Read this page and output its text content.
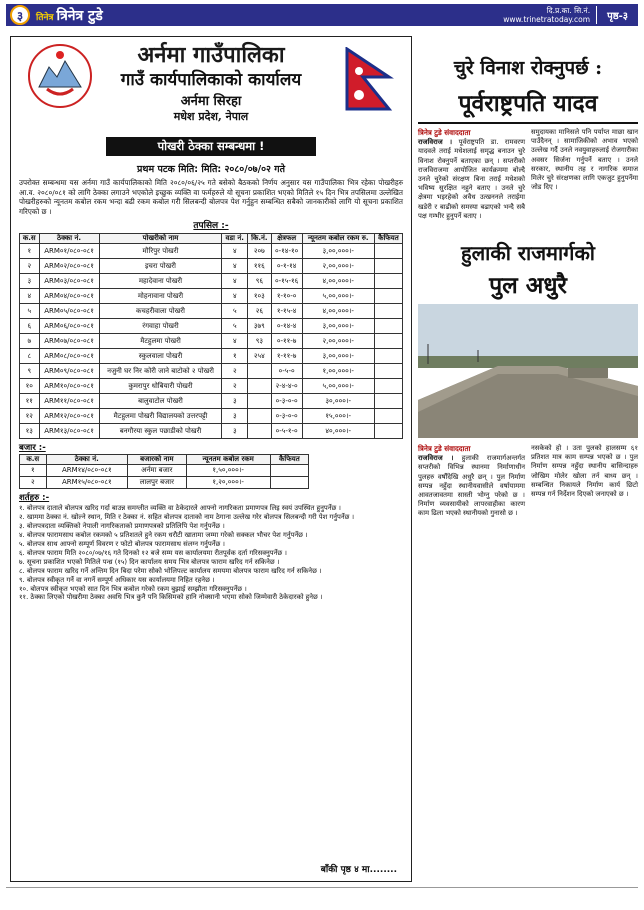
३	तिनेत्र त्रिनेत्र टुडे	दि.प्र.का. सि.नं.
www.trinetratoday.com	पृष्ठ-३
अर्नमा गाउँपालिका
गाउँ कार्यपालिकाको कार्यालय
अर्नमा सिरहा
मधेश प्रदेश, नेपाल
पोखरी ठेक्का सम्बन्धमा !
प्रथम पटक मिति: मिति: २०८०/०७/०२ गते
उपरोक्त सम्बन्धमा यस अर्नमा गाउँ कार्यपालिकाको मिति २०८०/०६/२५ गते बसेको बैठकको निर्णय अनुसार यस गाउँपालिका भित्र रहेका पोखरीहरु आ.व. २०८०/०८१ को लागि ठेक्का लगाउने भएकोले इच्छुक व्यक्ति वा फर्महरुले यो सूचना प्रकाशित भएको मितिले १५ दिन भित्र तपसिलमा उल्लेखित पोखरीहरुको न्यूनतम कबोल रकम भन्दा बढी रकम कबोल गरी सिलबन्दी बोलपत्र पेश गर्नुहुन सम्बन्धित सबैको जानकारीको लागि यो सूचना प्रकाशित गरिएको छ ।
तपसिल :-
क.स	ठेक्का नं.	पोखरीको नाम	वडा नं.	कि.नं.	क्षेत्रफल	न्यूनतम कबोल रकम रु.	कैफियत
१	ARM०१/०८०-०८१	मौरिपुर पोखरी	४	२०७	०-१४-१०	३,००,०००।-	
२	ARM०२/०८०-०८१	इचरा पोखरी	४	११६	०-१-१४	२,००,०००।-	
३	ARM०३/०८०-०८१	महादेवाना पोखरी	४	९६	०-१५-१६	४,००,०००।-	
४	ARM०४/०८०-०८१	मोहनावाना पोखरी	४	१०३	१-१०-०	५,००,०००।-	
५	ARM०५/०८०-०८१	कचहरीवाला पोखरी	५	२६	१-१५-४	४,००,०००।-	
६	ARM०६/०८०-०८१	रंगवाहा पोखरी	५	३७९	०-१४-४	३,००,०००।-	
७	ARM०७/०८०-०८१	मैटहुलमा पोखरी	४	९३	०-११-७	२,००,०००।-	
८	ARM०८/०८०-०८१	स्कुलवाला पोखरी	१	२५४	१-११-७	३,००,०००।-	
९	ARM०९/०८०-०८१	नजुनी घर निर कोरी जाने बाटोको २ पोखरी	२		०-५-०	१,००,०००।-	
१०	ARM१०/०८०-०८१	कुमरापुर धोबियारी पोखरी	२		२-४-४-०	५,००,०००।-	
११	ARM११/०८०-०८१	बालुवाटोल पोखरी	३		०-३-०-०	३०,०००।-	
१२	ARM१२/०८०-०८१	मैटहुलमा पोखरी विद्यालयको उत्तरपट्टी	३		०-३-०-०	१५,०००।-	
१३	ARM१३/०८०-०८१	बनगौरया स्कुल पछाडीको पोखरी	३		०-५-१-०	४०,०००।-	
बजार :-
क.स	ठेक्का नं.	बजारको नाम	न्यूनतम कबोल रकम	कैफियत
१	ARM१४/०८०-०८१	अर्नमा बजार	१,५०,०००।-	
२	ARM१५/०८०-०८१	लालपुर बजार	१,२०,०००।-	
शर्तहरु :-

१. बोलपत्र दाताले बोलपत्र खरिद गर्दा बाउन्न समग्लीत व्यक्ति वा ठेकेदारले आफ्नो नागरिकता प्रमाणपत्र लिइ स्वयं उपस्थित हुनुपर्नेछ ।

२. खाममा ठेक्का नं. खोल्ने स्थान, मिति र ठेक्का नं. सहित बोलपत्र दाताको नाम ठेगाना उल्लेख गरेर बोलपत्र सिलबन्दी गरी पेश गर्नुपर्नेछ ।

३. बोलपत्रदाता व्यक्तिको नेपाली नागरिकताको प्रमाणपत्रको प्रतिलिपि पेश गर्नुपर्नेछ ।

४. बोलपत्र फारामसाथ कबोल रकमको ५ प्रतिशतले हुने रकम धरौटी खातामा जम्मा गरेको सक्कल भौचर पेश गर्नुपर्नेछ ।

५. बोलपत्र साथ आफ्नो सम्पूर्ण विवरण र फोटो बोलपत्र फारामसाथ संलग्न गर्नुपर्नेछ ।

६. बोलपत्र फाराम मिति २०८०/०७/१६ गते दिनको १२ बजे सम्म यस कार्यालयमा रीतपूर्वक दर्ता गरिसक्नुपर्नेछ ।

७. सूचना प्रकाशित भएको मितिले पन्ध्र (१५) दिन कार्यालय समय भित्र बोलपत्र फाराम खरिद गर्न सकिनेछ ।

८. बोलपत्र फाराम खरिद गर्ने अन्तिम दिन बिदा परेमा सोको भोलिपल्ट कार्यालय समयमा बोलपत्र फाराम खरिद गर्न सकिनेछ ।

९. बोलपत्र स्वीकृत गर्ने वा नगर्ने सम्पूर्ण अधिकार यस कार्यालयमा निहित रहनेछ ।

१०. बोलपत्र स्वीकृत भएको सात दिन भित्र कबोल गरेको रकम बुझाई सम्झौता गरिसक्नुपर्नेछ ।

११. ठेक्का लिएको पोखरीमा ठेक्का अवधि भित्र कुनै पनि किसिमको हानि नोक्सानी भएमा सोको जिम्मेवारी ठेकेदारको हुनेछ ।

बाँकी पृष्ठ ४ मा........
चुरे विनाश रोक्नुपर्छ :
पूर्वराष्ट्रपति यादव
त्रिनेत्र टुडे संवाददाता
राजविराज । पूर्वराष्ट्रपति डा. रामवरण यादवले तराई मधेशलाई समृद्ध बनाउन चुरे विनाश रोक्नुपर्ने बताएका छन् । सप्तरीको राजविराजमा आयोजित कार्यक्रममा बोल्दै उनले चुरेको संरक्षण बिना तराई मधेशको भविष्य सुरक्षित नहुने बताए । उनले चुरे क्षेत्रमा भइरहेको अवैध उत्खननले तराईमा खडेरी र बाढीको समस्या बढाएको भन्दै सबै पक्ष गम्भीर हुनुपर्ने बताए ।
समुदायका मानिसले पनि पर्याप्त माछा खान पाउँदैनन् । सामाजिकीको अभाव भएको उल्लेख गर्दै उनले नवयुवाहरुलाई रोजगारीका अवसर सिर्जना गर्नुपर्ने बताए । उनले सरकार, स्थानीय तह र नागरिक समाज मिलेर चुरे संरक्षणका लागि एकजुट हुनुपर्नेमा जोड दिए ।
हुलाकी राजमार्गको
पुल अधुरै
त्रिनेत्र टुडे संवाददाता
राजविराज । हुलाकी राजमार्गअन्तर्गत सप्तरीको विभिन्न स्थानमा निर्माणाधीन पुलहरु वर्षौंदेखि अधुरै छन् । पुल निर्माण सम्पन्न नहुँदा स्थानीयवासीले वर्षायाममा आवतजावतमा सास्ती भोग्नु परेको छ । निर्माण व्यवसायीको लापरवाहीका कारण काम ढिला भएको स्थानीयको गुनासो छ ।
नसकेको हो । उता पुलको हालसम्म ६१ प्रतिशत मात्र काम सम्पन्न भएको छ । पुल निर्माण सम्पन्न नहुँदा स्थानीय बासिन्दाहरु जोखिम मोलेर खोला तर्न बाध्य छन् । सम्बन्धित निकायले निर्माण कार्य छिटो सम्पन्न गर्न निर्देशन दिएको जनाएको छ ।
